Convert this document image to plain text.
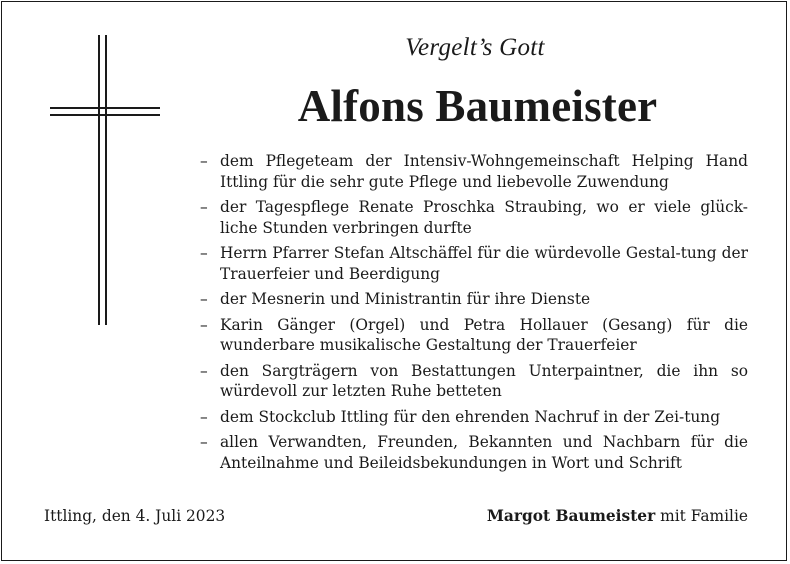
Vergelt’s Gott
Alfons Baumeister
– dem Pflegeteam der Intensiv-Wohngemeinschaft Helping Hand Ittling für die sehr gute Pflege und liebevolle Zuwendung
– der Tagespflege Renate Proschka Straubing, wo er viele glück-liche Stunden verbringen durfte
– Herrn Pfarrer Stefan Altschäffel für die würdevolle Gestal-tung der Trauerfeier und Beerdigung
– der Mesnerin und Ministrantin für ihre Dienste
– Karin Gänger (Orgel) und Petra Hollauer (Gesang) für die wunderbare musikalische Gestaltung der Trauerfeier
– den Sargträgern von Bestattungen Unterpaintner, die ihn so würdevoll zur letzten Ruhe betteten
– dem Stockclub Ittling für den ehrenden Nachruf in der Zei-tung
– allen Verwandten, Freunden, Bekannten und Nachbarn für die Anteilnahme und Beileidsbekundungen in Wort und Schrift
Ittling, den 4. Juli 2023	Margot Baumeister mit Familie
